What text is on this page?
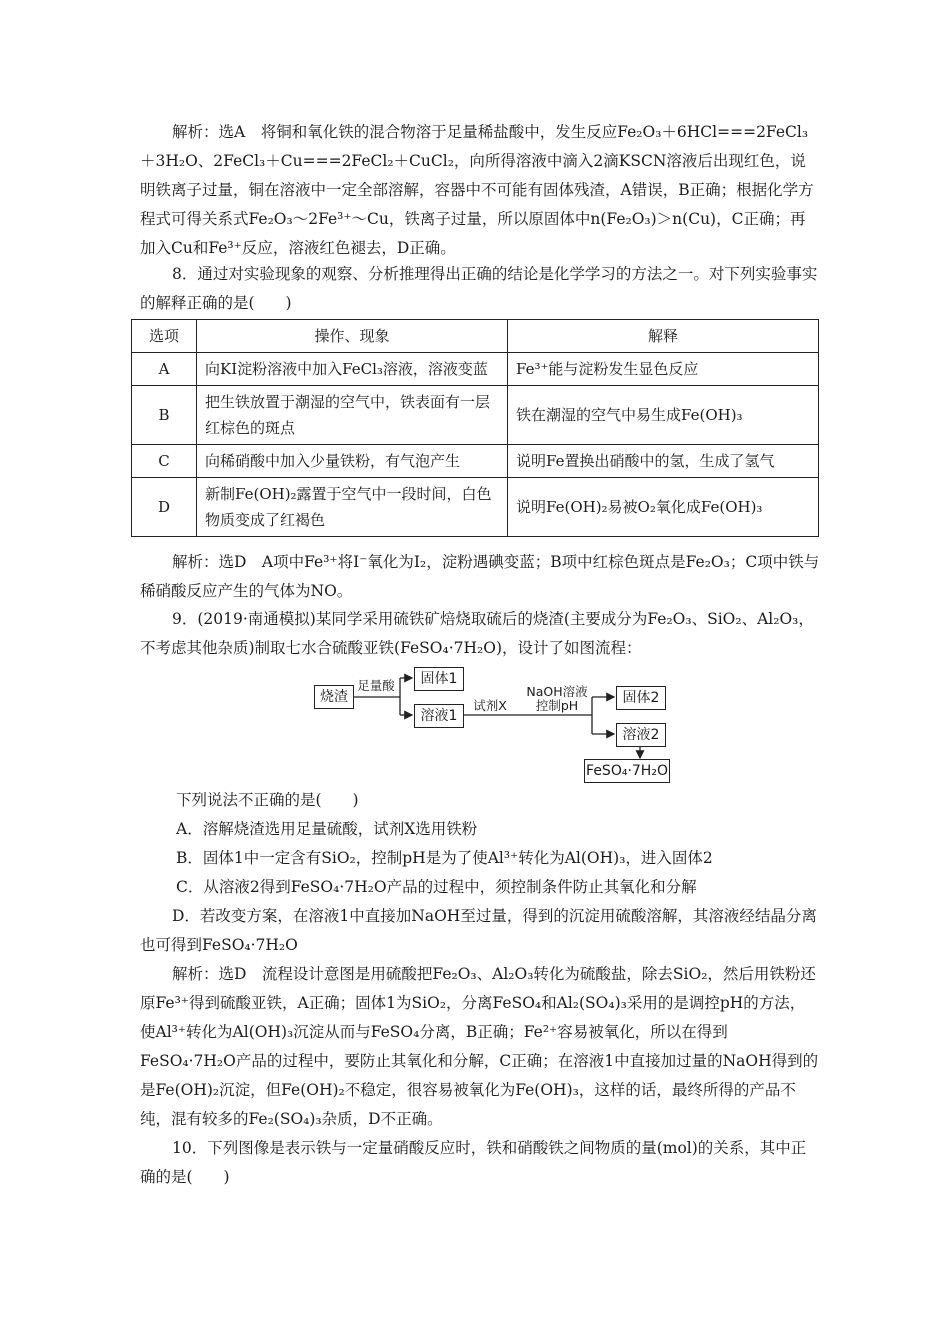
解析：选A　将铜和氧化铁的混合物溶于足量稀盐酸中，发生反应Fe₂O₃＋6HCl===2FeCl₃＋3H₂O、2FeCl₃＋Cu===2FeCl₂＋CuCl₂，向所得溶液中滴入2滴KSCN溶液后出现红色，说明铁离子过量，铜在溶液中一定全部溶解，容器中不可能有固体残渣，A错误，B正确；根据化学方程式可得关系式Fe₂O₃～2Fe³⁺～Cu，铁离子过量，所以原固体中n(Fe₂O₃)＞n(Cu)，C正确；再加入Cu和Fe³⁺反应，溶液红色褪去，D正确。

8．通过对实验现象的观察、分析推理得出正确的结论是化学学习的方法之一。对下列实验事实的解释正确的是(　　)

选项	操作、现象	解释
A	向KI淀粉溶液中加入FeCl₃溶液，溶液变蓝	Fe³⁺能与淀粉发生显色反应
B	把生铁放置于潮湿的空气中，铁表面有一层红棕色的斑点	铁在潮湿的空气中易生成Fe(OH)₃
C	向稀硝酸中加入少量铁粉，有气泡产生	说明Fe置换出硝酸中的氢，生成了氢气
D	新制Fe(OH)₂露置于空气中一段时间，白色物质变成了红褐色	说明Fe(OH)₂易被O₂氧化成Fe(OH)₃

解析：选D　A项中Fe³⁺将I⁻氧化为I₂，淀粉遇碘变蓝；B项中红棕色斑点是Fe₂O₃；C项中铁与稀硝酸反应产生的气体为NO。

9．(2019·南通模拟)某同学采用硫铁矿焙烧取硫后的烧渣(主要成分为Fe₂O₃、SiO₂、Al₂O₃，不考虑其他杂质)制取七水合硫酸亚铁(FeSO₄·7H₂O)，设计了如图流程：

烧渣
足量酸	固体1
溶液1
试剂X
NaOH溶液
控制pH	固体2
溶液2
FeSO₄·7H₂O
下列说法不正确的是(　　)
A．溶解烧渣选用足量硫酸，试剂X选用铁粉
B．固体1中一定含有SiO₂，控制pH是为了使Al³⁺转化为Al(OH)₃，进入固体2
C．从溶液2得到FeSO₄·7H₂O产品的过程中，须控制条件防止其氧化和分解

D．若改变方案，在溶液1中直接加NaOH至过量，得到的沉淀用硫酸溶解，其溶液经结晶分离也可得到FeSO₄·7H₂O

解析：选D　流程设计意图是用硫酸把Fe₂O₃、Al₂O₃转化为硫酸盐，除去SiO₂，然后用铁粉还原Fe³⁺得到硫酸亚铁，A正确；固体1为SiO₂，分离FeSO₄和Al₂(SO₄)₃采用的是调控pH的方法，使Al³⁺转化为Al(OH)₃沉淀从而与FeSO₄分离，B正确；Fe²⁺容易被氧化，所以在得到FeSO₄·7H₂O产品的过程中，要防止其氧化和分解，C正确；在溶液1中直接加过量的NaOH得到的是Fe(OH)₂沉淀，但Fe(OH)₂不稳定，很容易被氧化为Fe(OH)₃，这样的话，最终所得的产品不纯，混有较多的Fe₂(SO₄)₃杂质，D不正确。

10．下列图像是表示铁与一定量硝酸反应时，铁和硝酸铁之间物质的量(mol)的关系，其中正确的是(　　)
